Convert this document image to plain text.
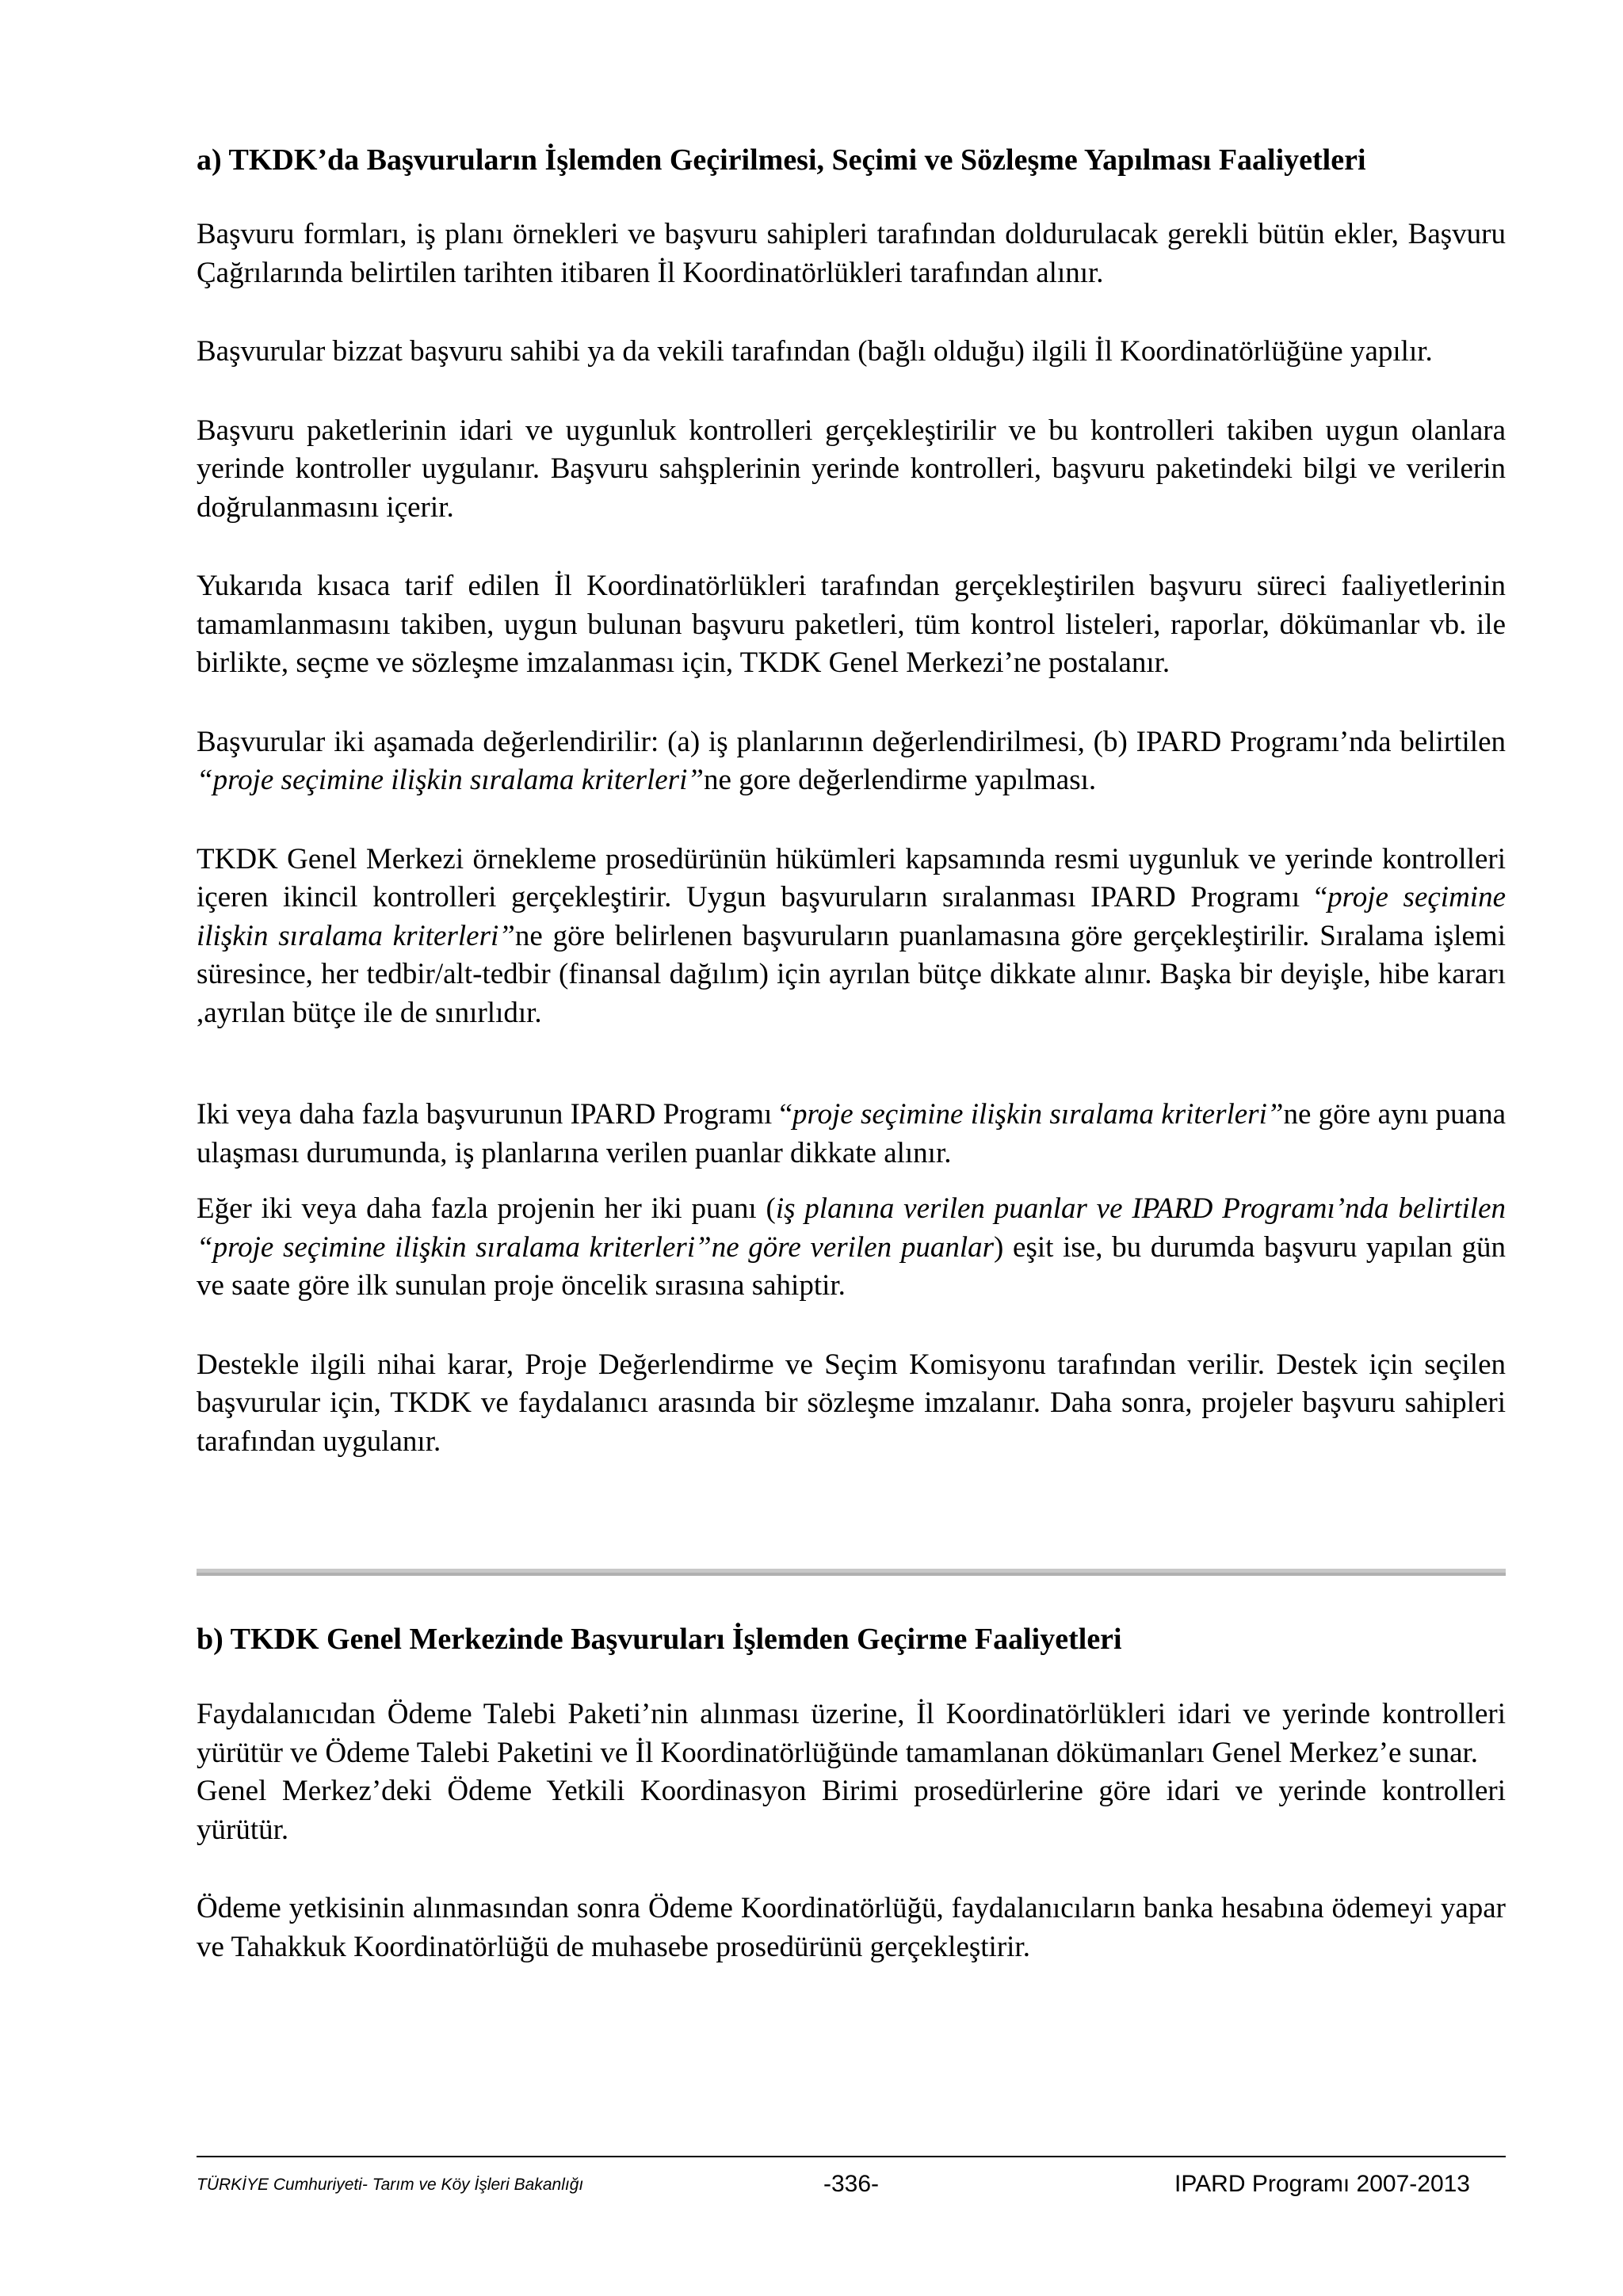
a) TKDK’da Başvuruların İşlemden Geçirilmesi, Seçimi ve Sözleşme Yapılması Faaliyetleri

Başvuru formları, iş planı örnekleri ve başvuru sahipleri tarafından doldurulacak gerekli bütün ekler, Başvuru Çağrılarında belirtilen tarihten itibaren İl Koordinatörlükleri tarafından alınır.

Başvurular bizzat başvuru sahibi ya da vekili tarafından (bağlı olduğu) ilgili İl Koordinatörlüğüne yapılır.

Başvuru paketlerinin idari ve uygunluk kontrolleri gerçekleştirilir ve bu kontrolleri takiben uygun olanlara yerinde kontroller uygulanır. Başvuru sahşplerinin yerinde kontrolleri, başvuru paketindeki bilgi ve verilerin doğrulanmasını içerir.

Yukarıda kısaca tarif edilen İl Koordinatörlükleri tarafından gerçekleştirilen başvuru süreci faaliyetlerinin tamamlanmasını takiben, uygun bulunan başvuru paketleri, tüm kontrol listeleri, raporlar, dökümanlar vb. ile birlikte, seçme ve sözleşme imzalanması için, TKDK Genel Merkezi’ne postalanır.

Başvurular iki aşamada değerlendirilir: (a) iş planlarının değerlendirilmesi, (b) IPARD Programı’nda belirtilen “proje seçimine ilişkin sıralama kriterleri”ne gore değerlendirme yapılması.

TKDK Genel Merkezi örnekleme prosedürünün hükümleri kapsamında resmi uygunluk ve yerinde kontrolleri içeren ikincil kontrolleri gerçekleştirir. Uygun başvuruların sıralanması IPARD Programı “proje seçimine ilişkin sıralama kriterleri”ne göre belirlenen başvuruların puanlamasına göre gerçekleştirilir. Sıralama işlemi süresince, her tedbir/alt-tedbir (finansal dağılım) için ayrılan bütçe dikkate alınır. Başka bir deyişle, hibe kararı ,ayrılan bütçe ile de sınırlıdır.

Iki veya daha fazla başvurunun IPARD Programı “proje seçimine ilişkin sıralama kriterleri”ne göre aynı puana ulaşması durumunda, iş planlarına verilen puanlar dikkate alınır.

Eğer iki veya daha fazla projenin her iki puanı (iş planına verilen puanlar ve IPARD Programı’nda belirtilen “proje seçimine ilişkin sıralama kriterleri”ne göre verilen puanlar) eşit ise, bu durumda başvuru yapılan gün ve saate göre ilk sunulan proje öncelik sırasına sahiptir.

Destekle ilgili nihai karar, Proje Değerlendirme ve Seçim Komisyonu tarafından verilir. Destek için seçilen başvurular için, TKDK ve faydalanıcı arasında bir sözleşme imzalanır. Daha sonra, projeler başvuru sahipleri tarafından uygulanır.

b) TKDK Genel Merkezinde Başvuruları İşlemden Geçirme Faaliyetleri

Faydalanıcıdan Ödeme Talebi Paketi’nin alınması üzerine, İl Koordinatörlükleri idari ve yerinde kontrolleri yürütür ve Ödeme Talebi Paketini ve İl Koordinatörlüğünde tamamlanan dökümanları Genel Merkez’e sunar.

Genel Merkez’deki Ödeme Yetkili Koordinasyon Birimi prosedürlerine göre idari ve yerinde kontrolleri yürütür.

Ödeme yetkisinin alınmasından sonra Ödeme Koordinatörlüğü, faydalanıcıların banka hesabına ödemeyi yapar ve Tahakkuk Koordinatörlüğü de muhasebe prosedürünü gerçekleştirir.

TÜRKİYE Cumhuriyeti- Tarım ve Köy İşleri Bakanlığı	-336-	IPARD Programı 2007-2013
